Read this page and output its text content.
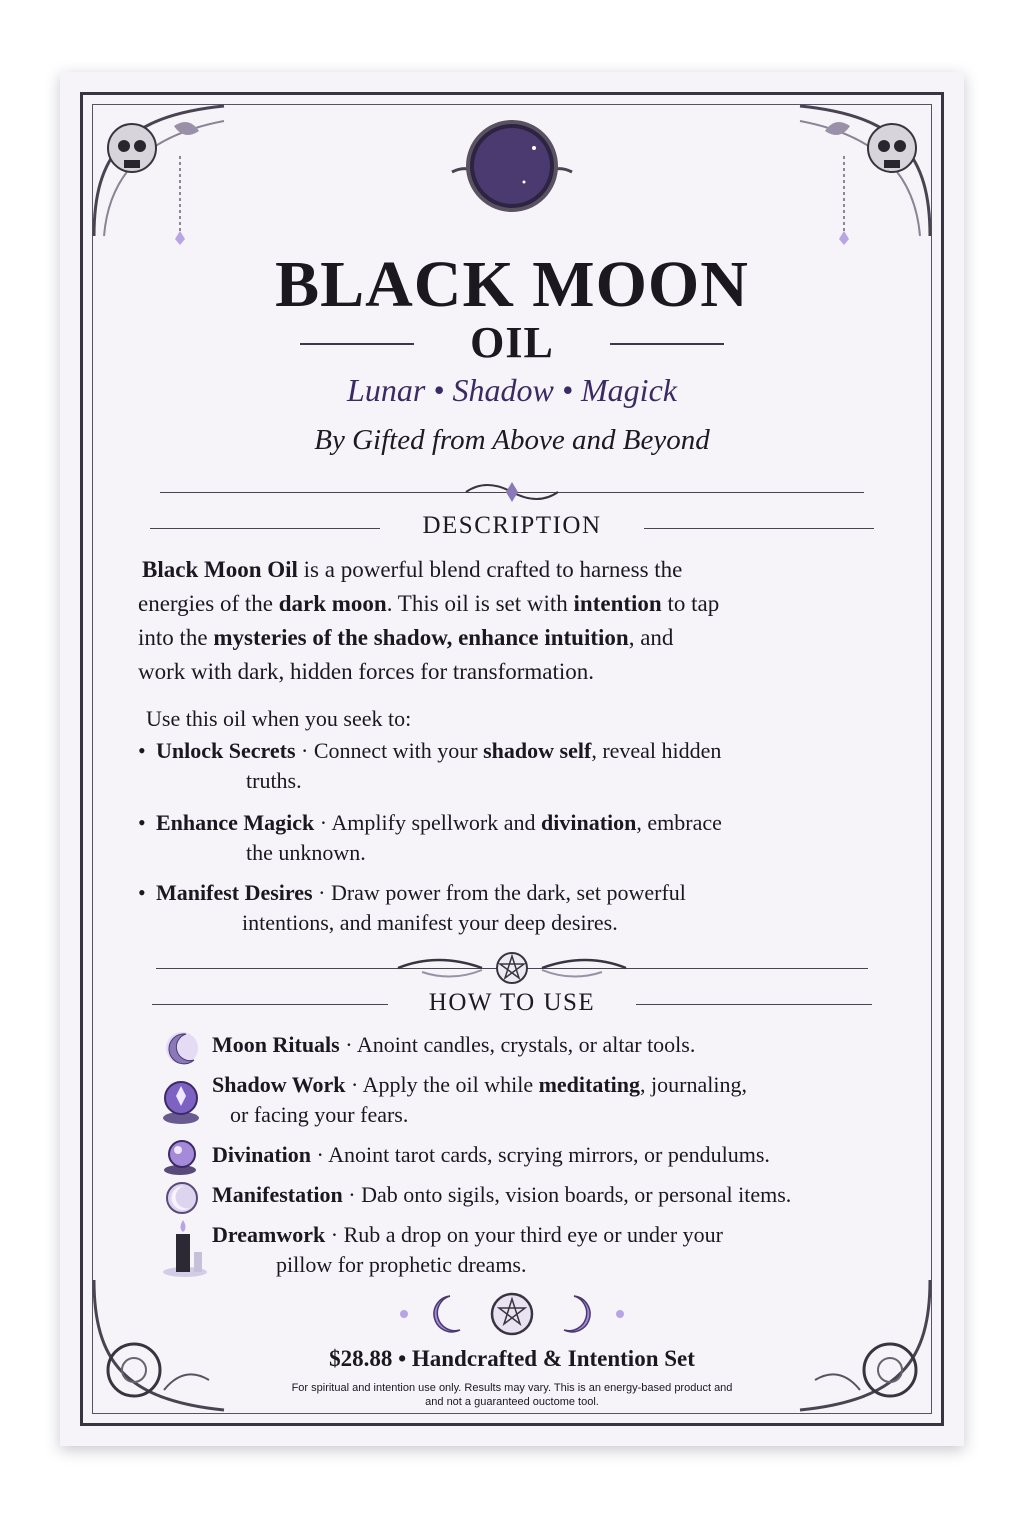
BLACK MOON
OIL
Lunar • Shadow • Magick
By Gifted from Above and Beyond
DESCRIPTION
Black Moon Oil is a powerful blend crafted to harness the
energies of the dark moon. This oil is set with intention to tap
into the mysteries of the shadow, enhance intuition, and
work with dark, hidden forces for transformation.
Use this oil when you seek to:
• Unlock Secrets · Connect with your shadow self, reveal hidden
truths.
• Enhance Magick · Amplify spellwork and divination, embrace
the unknown.
• Manifest Desires · Draw power from the dark, set powerful
intentions, and manifest your deep desires.
HOW TO USE
Moon Rituals · Anoint candles, crystals, or altar tools.
Shadow Work · Apply the oil while meditating, journaling,
or facing your fears.
Divination · Anoint tarot cards, scrying mirrors, or pendulums.
Manifestation · Dab onto sigils, vision boards, or personal items.
Dreamwork · Rub a drop on your third eye or under your
pillow for prophetic dreams.
$28.88 • Handcrafted & Intention Set
For spiritual and intention use only. Results may vary. This is an energy-based product and
and not a guaranteed ouctome tool.
